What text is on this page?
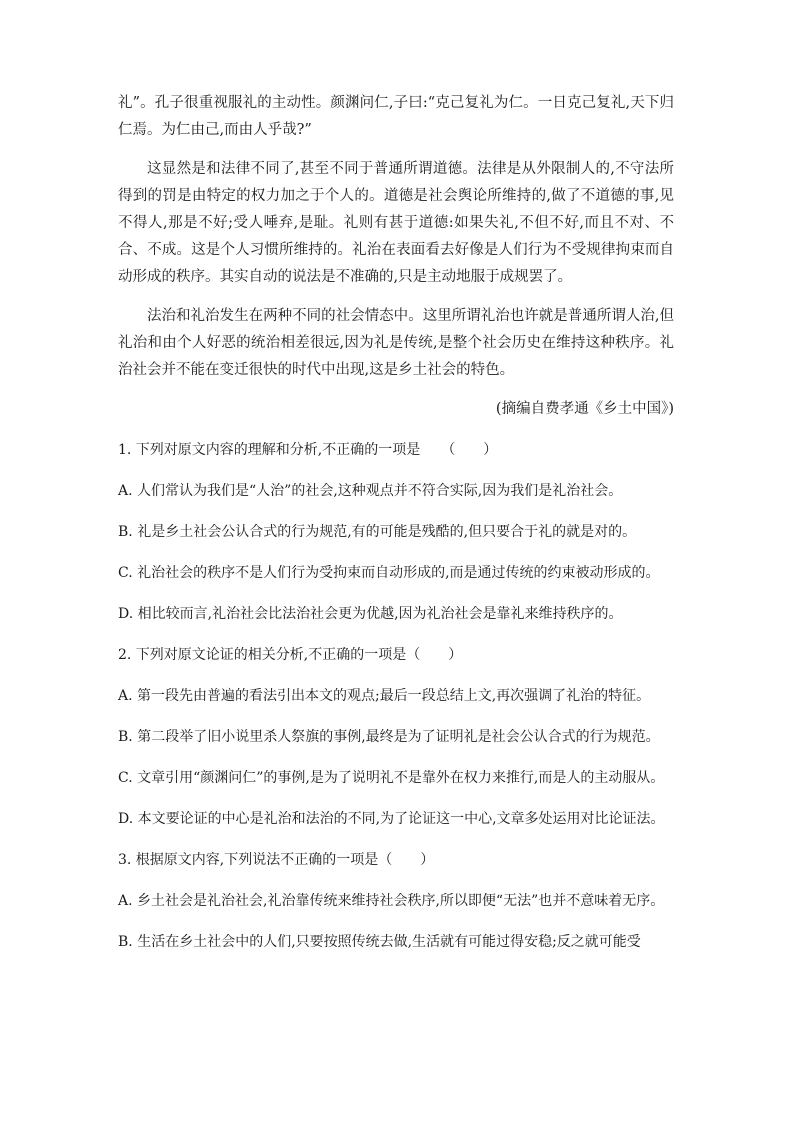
礼”。孔子很重视服礼的主动性。颜渊问仁,子曰:“克己复礼为仁。一日克己复礼,天下归仁焉。为仁由己,而由人乎哉?”

这显然是和法律不同了,甚至不同于普通所谓道德。法律是从外限制人的,不守法所得到的罚是由特定的权力加之于个人的。道德是社会舆论所维持的,做了不道德的事,见不得人,那是不好;受人唾弃,是耻。礼则有甚于道德:如果失礼,不但不好,而且不对、不合、不成。这是个人习惯所维持的。礼治在表面看去好像是人们行为不受规律拘束而自动形成的秩序。其实自动的说法是不准确的,只是主动地服于成规罢了。

法治和礼治发生在两种不同的社会情态中。这里所谓礼治也许就是普通所谓人治,但礼治和由个人好恶的统治相差很远,因为礼是传统,是整个社会历史在维持这种秩序。礼治社会并不能在变迁很快的时代中出现,这是乡土社会的特色。

(摘编自费孝通《乡土中国》)
1. 下列对原文内容的理解和分析,不正确的一项是　　（　　）
A. 人们常认为我们是“人治”的社会,这种观点并不符合实际,因为我们是礼治社会。
B. 礼是乡土社会公认合式的行为规范,有的可能是残酷的,但只要合于礼的就是对的。
C. 礼治社会的秩序不是人们行为受拘束而自动形成的,而是通过传统的约束被动形成的。
D. 相比较而言,礼治社会比法治社会更为优越,因为礼治社会是靠礼来维持秩序的。
2. 下列对原文论证的相关分析,不正确的一项是（　　）
A. 第一段先由普遍的看法引出本文的观点;最后一段总结上文,再次强调了礼治的特征。
B. 第二段举了旧小说里杀人祭旗的事例,最终是为了证明礼是社会公认合式的行为规范。
C. 文章引用“颜渊问仁”的事例,是为了说明礼不是靠外在权力来推行,而是人的主动服从。
D. 本文要论证的中心是礼治和法治的不同,为了论证这一中心,文章多处运用对比论证法。
3. 根据原文内容,下列说法不正确的一项是（　　）
A. 乡土社会是礼治社会,礼治靠传统来维持社会秩序,所以即便“无法”也并不意味着无序。
B. 生活在乡土社会中的人们,只要按照传统去做,生活就有可能过得安稳;反之就可能受
